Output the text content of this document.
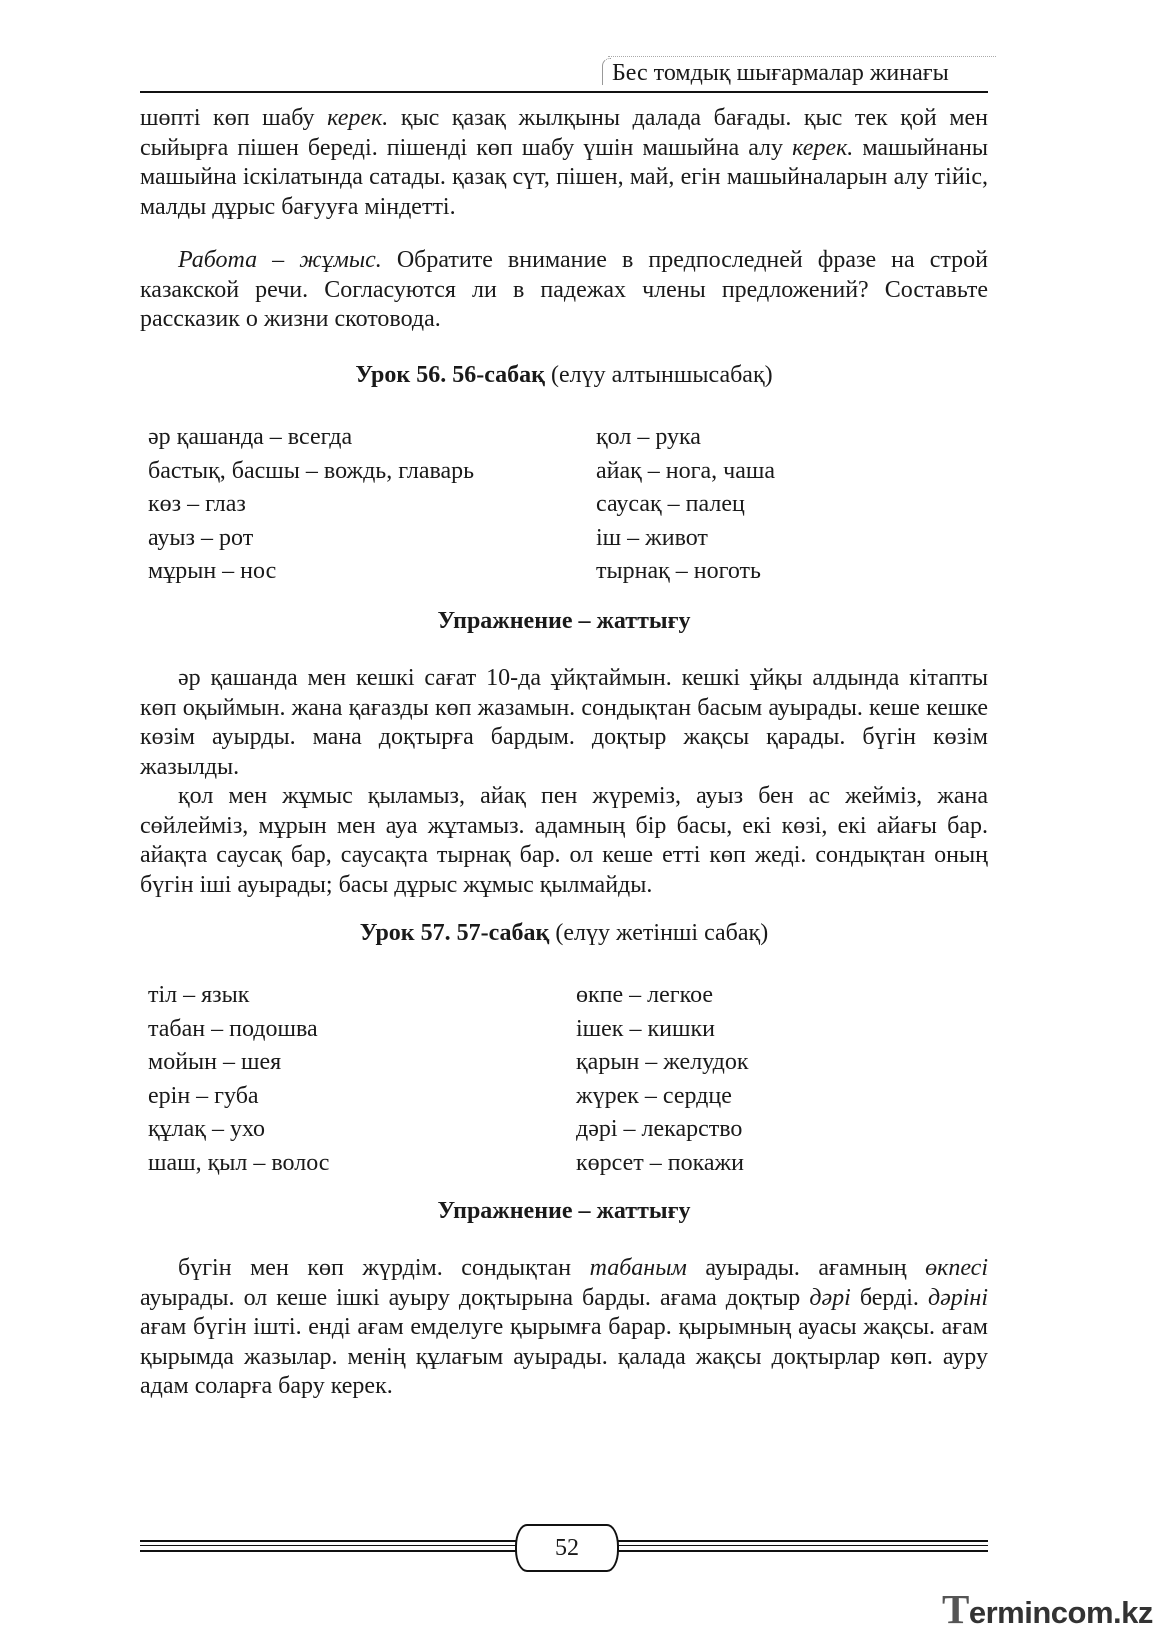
Бес томдық шығармалар жинағы

шөпті көп шабу керек. қыс қазақ жылқыны далада бағады. қыс тек қой мен сыйырға пішен береді. пішенді көп шабу үшін машыйна алу керек. машыйнаны машыйна іскілатында сатады. қазақ сүт, пішен, май, егін машыйналарын алу тійіс, малды дұрыс бағууға міндетті.

Работа – жұмыс. Обратите внимание в предпоследней фразе на строй казакской речи. Согласуются ли в падежах члены предложений? Составьте рассказик о жизни скотовода.

Урок 56. 56-сабақ (елүу алтыншысабақ)
әр қашанда – всегда	қол – рука
бастық, басшы – вождь, главарь	айақ – нога, чаша
көз – глаз	саусақ – палец
ауыз – рот	іш – живот
мұрын – нос	тырнақ – ноготь
Упражнение – жаттығу

әр қашанда мен кешкі сағат 10-да ұйқтаймын. кешкі ұйқы алдында кітапты көп оқыймын. жана қағазды көп жазамын. сондықтан басым ауырады. кеше кешке көзім ауырды. мана доқтырға бардым. доқтыр жақсы қарады. бүгін көзім жазылды.

қол мен жұмыс қыламыз, айақ пен жүреміз, ауыз бен ас жейміз, жана сөйлейміз, мұрын мен ауа жұтамыз. адамның бір басы, екі көзі, екі айағы бар. айақта саусақ бар, саусақта тырнақ бар. ол кеше етті көп жеді. сондықтан оның бүгін іші ауырады; басы дұрыс жұмыс қылмайды.

Урок 57. 57-сабақ (елүу жетінші сабақ)
тіл – язык	өкпе – легкое
табан – подошва	ішек – кишки
мойын – шея	қарын – желудок
ерін – губа	жүрек – сердце
құлақ – ухо	дәрі – лекарство
шаш, қыл – волос	көрсет – покажи
Упражнение – жаттығу

бүгін мен көп жүрдім. сондықтан табаным ауырады. ағамның өкпесі ауырады. ол кеше ішкі ауыру доқтырына барды. ағама доқтыр дәрі берді. дәріні ағам бүгін ішті. енді ағам емделуге қырымға барар. қырымның ауасы жақсы. ағам қырымда жазылар. менің құлағым ауырады. қалада жақсы доқтырлар көп. ауру адам соларға бару керек.

52
Termincom.kz
